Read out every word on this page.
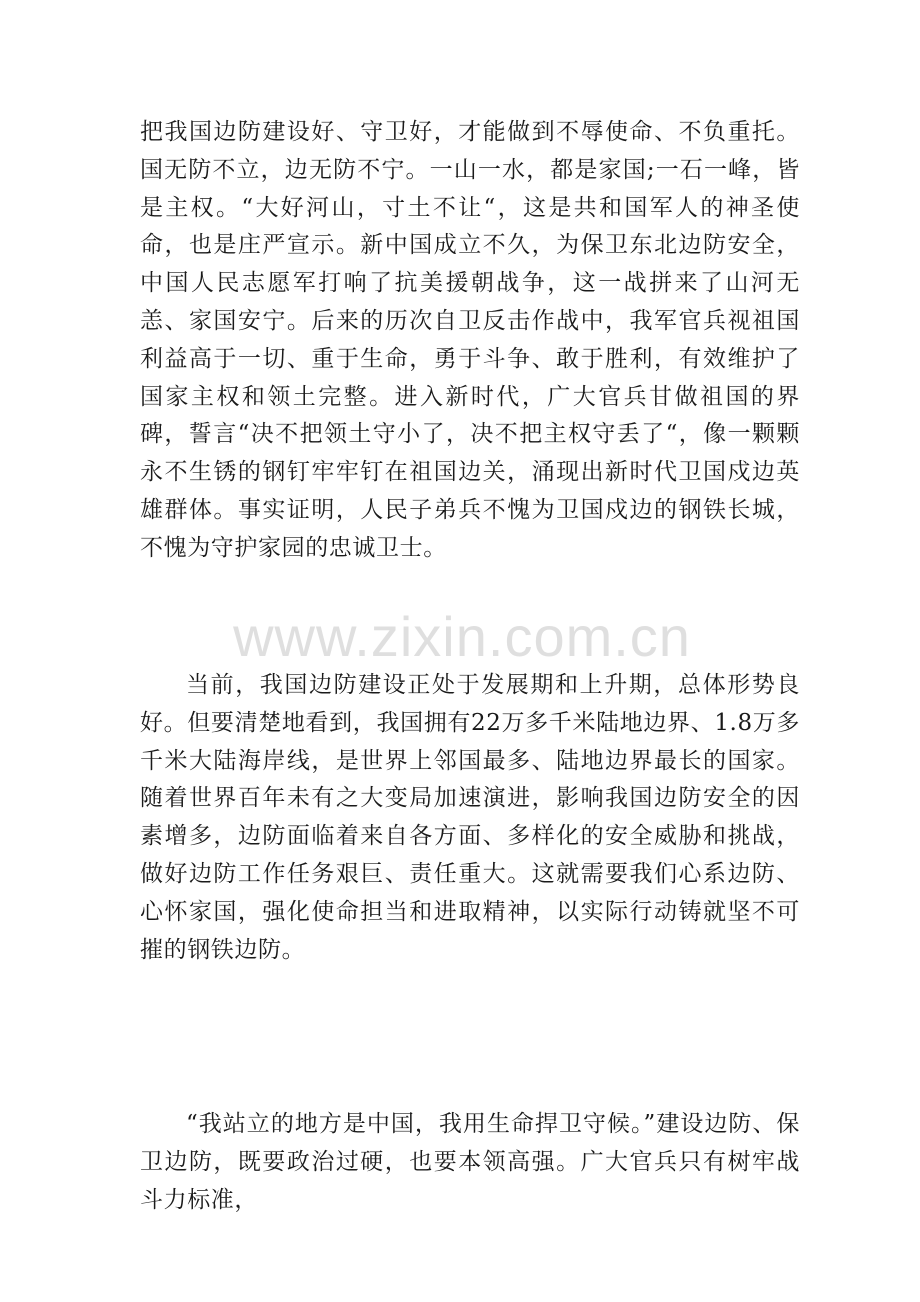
把我国边防建设好、守卫好，才能做到不辱使命、不负重托。国无防不立，边无防不宁。一山一水，都是家国;一石一峰，皆是主权。“大好河山，寸土不让“，这是共和国军人的神圣使命，也是庄严宣示。新中国成立不久，为保卫东北边防安全，中国人民志愿军打响了抗美援朝战争，这一战拼来了山河无恙、家国安宁。后来的历次自卫反击作战中，我军官兵视祖国利益高于一切、重于生命，勇于斗争、敢于胜利，有效维护了国家主权和领土完整。进入新时代，广大官兵甘做祖国的界碑，誓言“决不把领土守小了，决不把主权守丢了“，像一颗颗永不生锈的钢钉牢牢钉在祖国边关，涌现出新时代卫国戍边英雄群体。事实证明，人民子弟兵不愧为卫国戍边的钢铁长城，不愧为守护家园的忠诚卫士。

当前，我国边防建设正处于发展期和上升期，总体形势良好。但要清楚地看到，我国拥有22万多千米陆地边界、1.8万多千米大陆海岸线，是世界上邻国最多、陆地边界最长的国家。随着世界百年未有之大变局加速演进，影响我国边防安全的因素增多，边防面临着来自各方面、多样化的安全威胁和挑战，做好边防工作任务艰巨、责任重大。这就需要我们心系边防、心怀家国，强化使命担当和进取精神，以实际行动铸就坚不可摧的钢铁边防。

“我站立的地方是中国，我用生命捍卫守候。”建设边防、保卫边防，既要政治过硬，也要本领高强。广大官兵只有树牢战斗力标准，

www.zixin.com.cn
